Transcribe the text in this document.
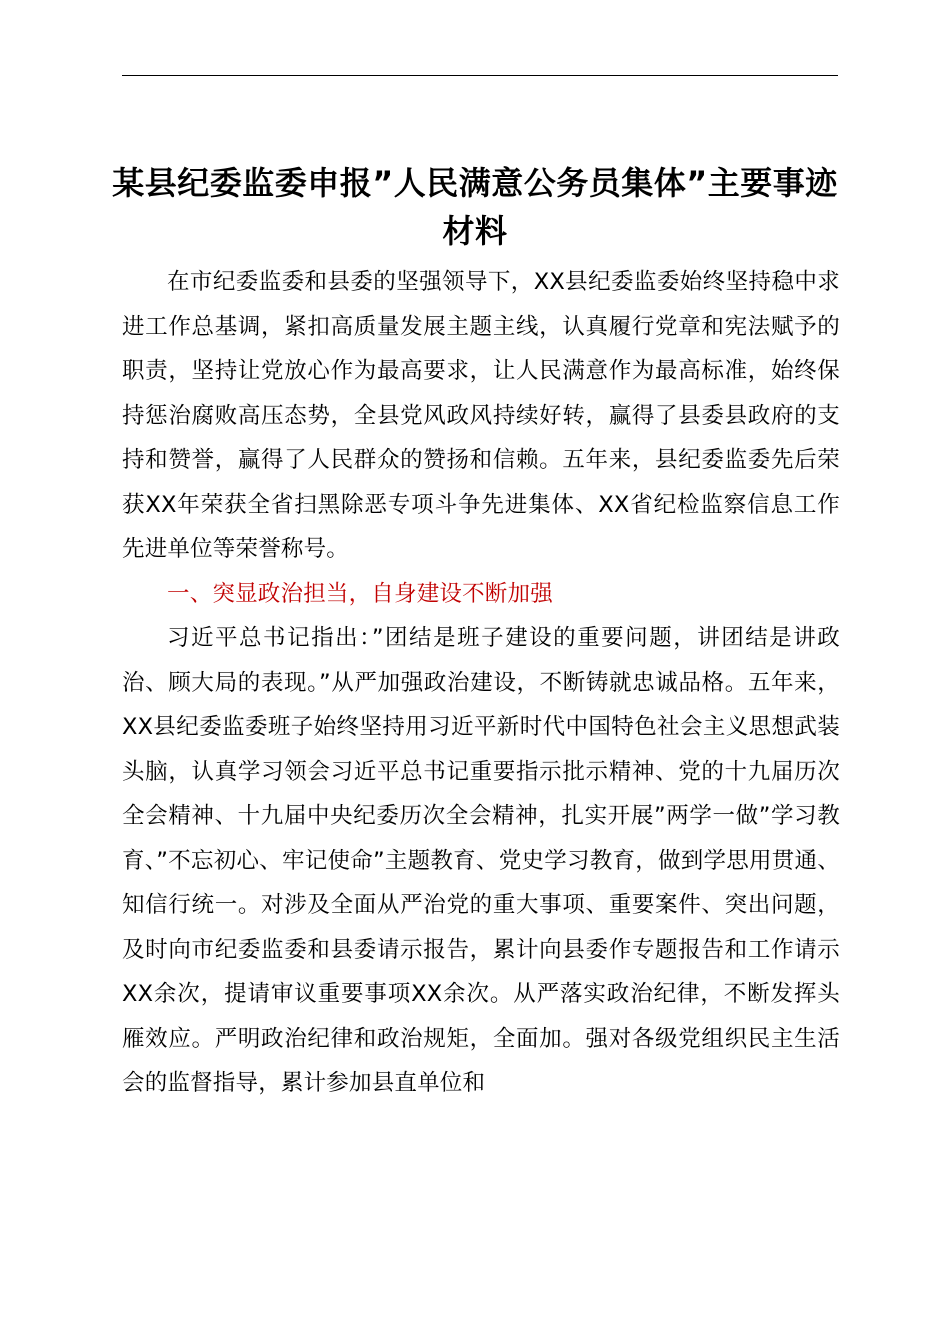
某县纪委监委申报”人民满意公务员集体”主要事迹材料

在市纪委监委和县委的坚强领导下，XX县纪委监委始终坚持稳中求进工作总基调，紧扣高质量发展主题主线，认真履行党章和宪法赋予的职责，坚持让党放心作为最高要求，让人民满意作为最高标准，始终保持惩治腐败高压态势，全县党风政风持续好转，赢得了县委县政府的支持和赞誉，赢得了人民群众的赞扬和信赖。五年来，县纪委监委先后荣获XX年荣获全省扫黑除恶专项斗争先进集体、XX省纪检监察信息工作先进单位等荣誉称号。

一、突显政治担当，自身建设不断加强

习近平总书记指出：”团结是班子建设的重要问题，讲团结是讲政治、顾大局的表现。”从严加强政治建设，不断铸就忠诚品格。五年来，XX县纪委监委班子始终坚持用习近平新时代中国特色社会主义思想武装头脑，认真学习领会习近平总书记重要指示批示精神、党的十九届历次全会精神、十九届中央纪委历次全会精神，扎实开展”两学一做”学习教育、”不忘初心、牢记使命”主题教育、党史学习教育，做到学思用贯通、知信行统一。对涉及全面从严治党的重大事项、重要案件、突出问题，及时向市纪委监委和县委请示报告，累计向县委作专题报告和工作请示XX余次，提请审议重要事项XX余次。从严落实政治纪律，不断发挥头雁效应。严明政治纪律和政治规矩，全面加。强对各级党组织民主生活会的监督指导，累计参加县直单位和
